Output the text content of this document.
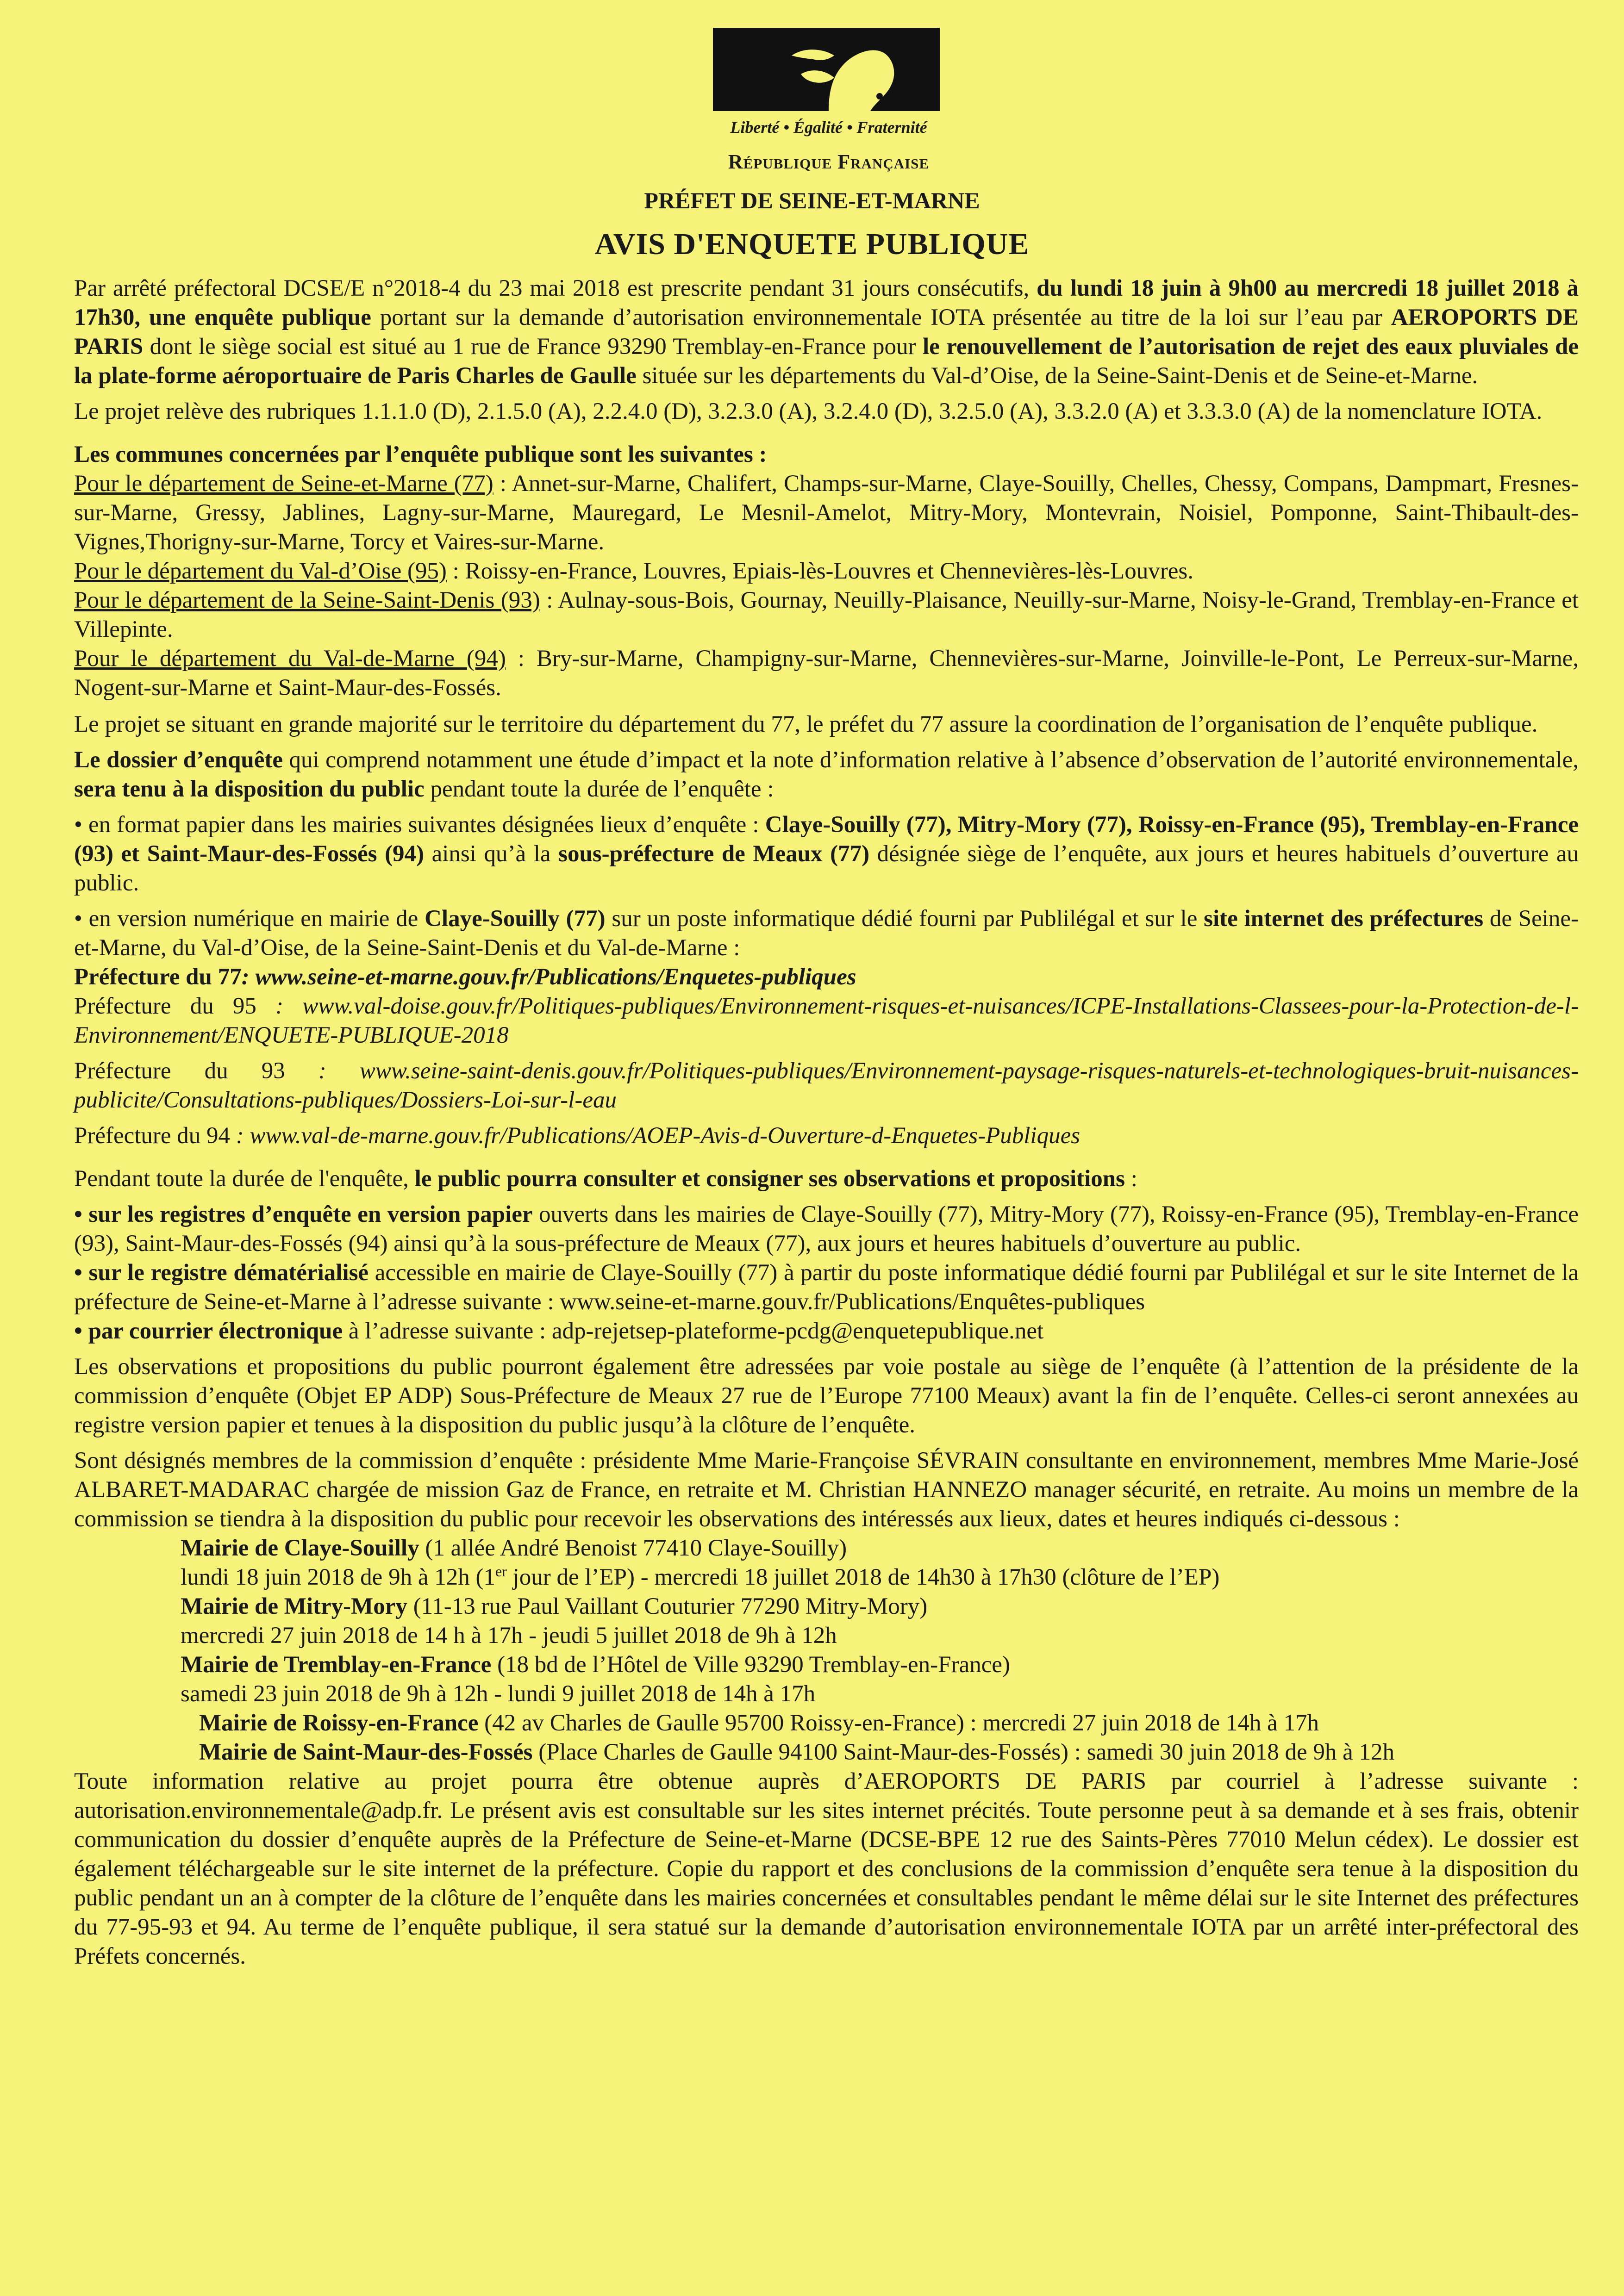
Liberté • Égalité • Fraternité
République Française
PRÉFET DE SEINE-ET-MARNE
AVIS D'ENQUETE PUBLIQUE

Par arrêté préfectoral DCSE/E n°2018-4 du 23 mai 2018 est prescrite pendant 31 jours consécutifs, du lundi 18 juin à 9h00 au mercredi 18 juillet 2018 à 17h30, une enquête publique portant sur la demande d’autorisation environnementale IOTA présentée au titre de la loi sur l’eau par AEROPORTS DE PARIS dont le siège social est situé au 1 rue de France 93290 Tremblay-en-France pour le renouvellement de l’autorisation de rejet des eaux pluviales de la plate-forme aéroportuaire de Paris Charles de Gaulle située sur les départements du Val-d’Oise, de la Seine-Saint-Denis et de Seine-et-Marne.

Le projet relève des rubriques 1.1.1.0 (D), 2.1.5.0 (A), 2.2.4.0 (D), 3.2.3.0 (A), 3.2.4.0 (D), 3.2.5.0 (A), 3.3.2.0 (A) et 3.3.3.0 (A) de la nomenclature IOTA.

Les communes concernées par l’enquête publique sont les suivantes :
Pour le département de Seine-et-Marne (77) : Annet-sur-Marne, Chalifert, Champs-sur-Marne, Claye-Souilly, Chelles, Chessy, Compans, Dampmart, Fresnes-sur-Marne, Gressy, Jablines, Lagny-sur-Marne, Mauregard, Le Mesnil-Amelot, Mitry-Mory, Montevrain, Noisiel, Pomponne, Saint-Thibault-des-Vignes,Thorigny-sur-Marne, Torcy et Vaires-sur-Marne.
Pour le département du Val-d’Oise (95) : Roissy-en-France, Louvres, Epiais-lès-Louvres et Chennevières-lès-Louvres.
Pour le département de la Seine-Saint-Denis (93) : Aulnay-sous-Bois, Gournay, Neuilly-Plaisance, Neuilly-sur-Marne, Noisy-le-Grand, Tremblay-en-France et Villepinte.
Pour le département du Val-de-Marne (94) : Bry-sur-Marne, Champigny-sur-Marne, Chennevières-sur-Marne, Joinville-le-Pont, Le Perreux-sur-Marne, Nogent-sur-Marne et Saint-Maur-des-Fossés.

Le projet se situant en grande majorité sur le territoire du département du 77, le préfet du 77 assure la coordination de l’organisation de l’enquête publique.

Le dossier d’enquête qui comprend notamment une étude d’impact et la note d’information relative à l’absence d’observation de l’autorité environnementale, sera tenu à la disposition du public pendant toute la durée de l’enquête :

• en format papier dans les mairies suivantes désignées lieux d’enquête : Claye-Souilly (77), Mitry-Mory (77), Roissy-en-France (95), Tremblay-en-France (93) et Saint-Maur-des-Fossés (94) ainsi qu’à la sous-préfecture de Meaux (77) désignée siège de l’enquête, aux jours et heures habituels d’ouverture au public.

• en version numérique en mairie de Claye-Souilly (77) sur un poste informatique dédié fourni par Publilégal et sur le site internet des préfectures de Seine-et-Marne, du Val-d’Oise, de la Seine-Saint-Denis et du Val-de-Marne :
Préfecture du 77: www.seine-et-marne.gouv.fr/Publications/Enquetes-publiques

Préfecture du 95 : www.val-doise.gouv.fr/Politiques-publiques/Environnement-risques-et-nuisances/ICPE-Installations-Classees-pour-la-Protection-de-l-Environnement/ENQUETE-PUBLIQUE-2018

Préfecture du 93 : www.seine-saint-denis.gouv.fr/Politiques-publiques/Environnement-paysage-risques-naturels-et-technologiques-bruit-nuisances-publicite/Consultations-publiques/Dossiers-Loi-sur-l-eau

Préfecture du 94 : www.val-de-marne.gouv.fr/Publications/AOEP-Avis-d-Ouverture-d-Enquetes-Publiques

Pendant toute la durée de l'enquête, le public pourra consulter et consigner ses observations et propositions :

• sur les registres d’enquête en version papier ouverts dans les mairies de Claye-Souilly (77), Mitry-Mory (77), Roissy-en-France (95), Tremblay-en-France (93), Saint-Maur-des-Fossés (94) ainsi qu’à la sous-préfecture de Meaux (77), aux jours et heures habituels d’ouverture au public.
• sur le registre dématérialisé accessible en mairie de Claye-Souilly (77) à partir du poste informatique dédié fourni par Publilégal et sur le site Internet de la préfecture de Seine-et-Marne à l’adresse suivante : www.seine-et-marne.gouv.fr/Publications/Enquêtes-publiques
• par courrier électronique à l’adresse suivante : adp-rejetsep-plateforme-pcdg@enquetepublique.net

Les observations et propositions du public pourront également être adressées par voie postale au siège de l’enquête (à l’attention de la présidente de la commission d’enquête (Objet EP ADP) Sous-Préfecture de Meaux 27 rue de l’Europe 77100 Meaux) avant la fin de l’enquête. Celles-ci seront annexées au registre version papier et tenues à la disposition du public jusqu’à la clôture de l’enquête.

Sont désignés membres de la commission d’enquête : présidente Mme Marie-Françoise SÉVRAIN consultante en environnement, membres Mme Marie-José ALBARET-MADARAC chargée de mission Gaz de France, en retraite et M. Christian HANNEZO manager sécurité, en retraite. Au moins un membre de la commission se tiendra à la disposition du public pour recevoir les observations des intéressés aux lieux, dates et heures indiqués ci-dessous :

Mairie de Claye-Souilly (1 allée André Benoist 77410 Claye-Souilly)

lundi 18 juin 2018 de 9h à 12h (1er jour de l’EP) - mercredi 18 juillet 2018 de 14h30 à 17h30 (clôture de l’EP)

Mairie de Mitry-Mory (11-13 rue Paul Vaillant Couturier 77290 Mitry-Mory)

mercredi 27 juin 2018 de 14 h à 17h - jeudi 5 juillet 2018 de 9h à 12h

Mairie de Tremblay-en-France (18 bd de l’Hôtel de Ville 93290 Tremblay-en-France)

samedi 23 juin 2018 de 9h à 12h - lundi 9 juillet 2018 de 14h à 17h

Mairie de Roissy-en-France (42 av Charles de Gaulle 95700 Roissy-en-France) : mercredi 27 juin 2018 de 14h à 17h

Mairie de Saint-Maur-des-Fossés (Place Charles de Gaulle 94100 Saint-Maur-des-Fossés) : samedi 30 juin 2018 de 9h à 12h

Toute information relative au projet pourra être obtenue auprès d’AEROPORTS DE PARIS par courriel à l’adresse suivante : autorisation.environnementale@adp.fr. Le présent avis est consultable sur les sites internet précités. Toute personne peut à sa demande et à ses frais, obtenir communication du dossier d’enquête auprès de la Préfecture de Seine-et-Marne (DCSE-BPE 12 rue des Saints-Pères 77010 Melun cédex). Le dossier est également téléchargeable sur le site internet de la préfecture. Copie du rapport et des conclusions de la commission d’enquête sera tenue à la disposition du public pendant un an à compter de la clôture de l’enquête dans les mairies concernées et consultables pendant le même délai sur le site Internet des préfectures du 77-95-93 et 94. Au terme de l’enquête publique, il sera statué sur la demande d’autorisation environnementale IOTA par un arrêté inter-préfectoral des Préfets concernés.
